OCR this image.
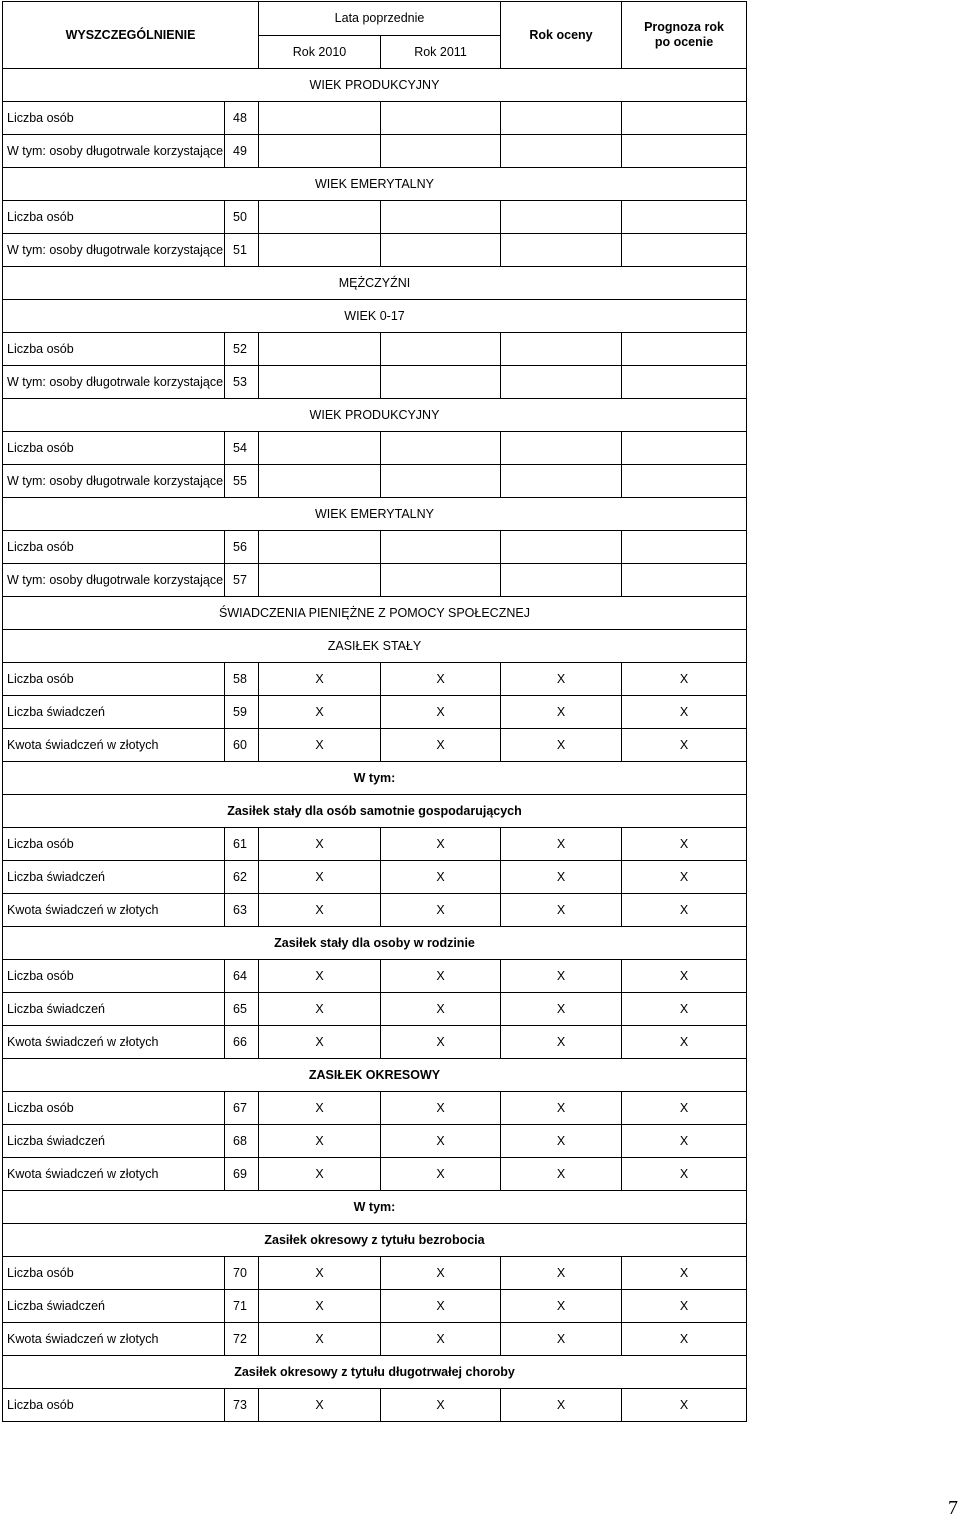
WYSZCZEGÓLNIENIE		Lata poprzednie		Rok oceny	Prognoza rok
po ocenie

		Rok 2010	Rok 2011		
WIEK PRODUKCYJNY					
Liczba osób	48				
W tym: osoby długotrwale korzystające	49				
WIEK EMERYTALNY					
Liczba osób	50				
W tym: osoby długotrwale korzystające	51				
MĘŻCZYŹNI					
WIEK 0-17					
Liczba osób	52				
W tym: osoby długotrwale korzystające	53				
WIEK PRODUKCYJNY					
Liczba osób	54				
W tym: osoby długotrwale korzystające	55				
WIEK EMERYTALNY					
Liczba osób	56				
W tym: osoby długotrwale korzystające	57				
ŚWIADCZENIA PIENIĘŻNE Z POMOCY SPOŁECZNEJ					
ZASIŁEK STAŁY					
Liczba osób	58	X	X	X	X
Liczba świadczeń	59	X	X	X	X
Kwota świadczeń w złotych	60	X	X	X	X
W tym:					
Zasiłek stały dla osób samotnie gospodarujących					
Liczba osób	61	X	X	X	X
Liczba świadczeń	62	X	X	X	X
Kwota świadczeń w złotych	63	X	X	X	X
Zasiłek stały dla osoby w rodzinie					
Liczba osób	64	X	X	X	X
Liczba świadczeń	65	X	X	X	X
Kwota świadczeń w złotych	66	X	X	X	X
ZASIŁEK OKRESOWY					
Liczba osób	67	X	X	X	X
Liczba świadczeń	68	X	X	X	X
Kwota świadczeń w złotych	69	X	X	X	X
W tym:					
Zasiłek okresowy z tytułu bezrobocia					
Liczba osób	70	X	X	X	X
Liczba świadczeń	71	X	X	X	X
Kwota świadczeń w złotych	72	X	X	X	X
Zasiłek okresowy z tytułu długotrwałej choroby					
Liczba osób	73	X	X	X	X
7
